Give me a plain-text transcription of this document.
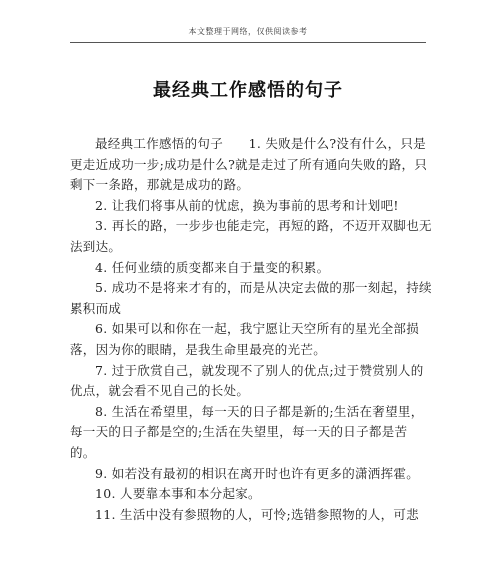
本文整理于网络，仅供阅读参考
最经典工作感悟的句子

最经典工作感悟的句子　　1. 失败是什么?没有什么，只是更走近成功一步;成功是什么?就是走过了所有通向失败的路，只剩下一条路，那就是成功的路。

2. 让我们将事从前的忧虑，换为事前的思考和计划吧!

3. 再长的路，一步步也能走完，再短的路，不迈开双脚也无法到达。

4. 任何业绩的质变都来自于量变的积累。

5. 成功不是将来才有的，而是从决定去做的那一刻起，持续累积而成

6. 如果可以和你在一起，我宁愿让天空所有的星光全部损落，因为你的眼睛，是我生命里最亮的光芒。

7. 过于欣赏自己，就发现不了别人的优点;过于赞赏别人的优点，就会看不见自己的长处。

8. 生活在希望里，每一天的日子都是新的;生活在奢望里，每一天的日子都是空的;生活在失望里，每一天的日子都是苦的。

9. 如若没有最初的相识在离开时也许有更多的潇洒挥霍。

10. 人要靠本事和本分起家。

11. 生活中没有参照物的人，可怜;选错参照物的人，可悲
